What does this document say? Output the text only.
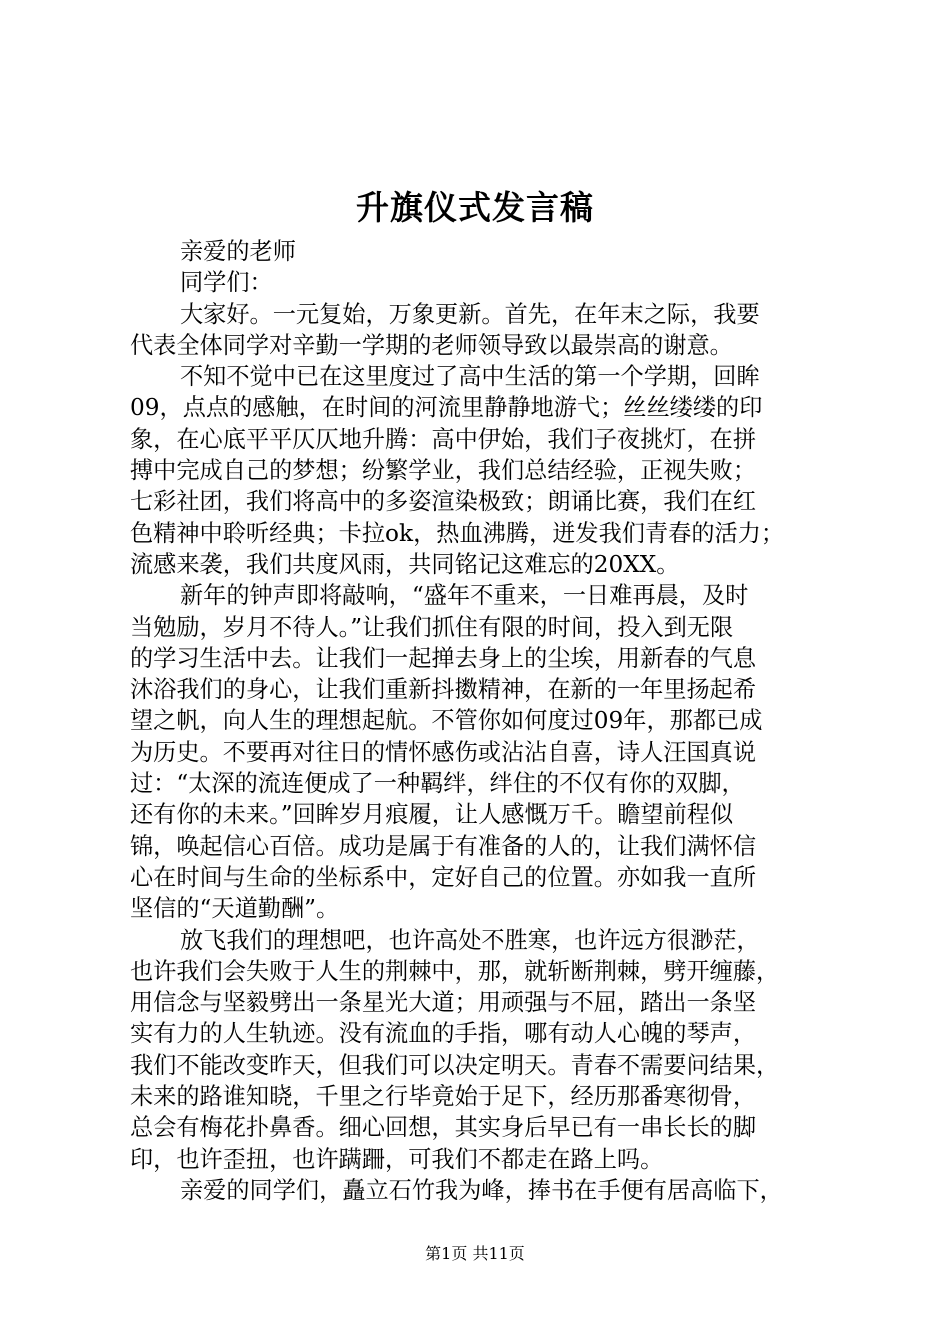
升旗仪式发言稿
亲爱的老师
同学们：
大家好。一元复始，万象更新。首先，在年末之际，我要
代表全体同学对辛勤一学期的老师领导致以最崇高的谢意。
不知不觉中已在这里度过了高中生活的第一个学期，回眸
09，点点的感触，在时间的河流里静静地游弋；丝丝缕缕的印
象，在心底平平仄仄地升腾：高中伊始，我们子夜挑灯，在拼
搏中完成自己的梦想；纷繁学业，我们总结经验，正视失败；
七彩社团，我们将高中的多姿渲染极致；朗诵比赛，我们在红
色精神中聆听经典；卡拉ok，热血沸腾，迸发我们青春的活力；
流感来袭，我们共度风雨，共同铭记这难忘的20XX。
新年的钟声即将敲响，“盛年不重来，一日难再晨，及时
当勉励，岁月不待人。”让我们抓住有限的时间，投入到无限
的学习生活中去。让我们一起掸去身上的尘埃，用新春的气息
沐浴我们的身心，让我们重新抖擞精神，在新的一年里扬起希
望之帆，向人生的理想起航。不管你如何度过09年，那都已成
为历史。不要再对往日的情怀感伤或沾沾自喜，诗人汪国真说
过：“太深的流连便成了一种羁绊，绊住的不仅有你的双脚，
还有你的未来。”回眸岁月痕履，让人感慨万千。瞻望前程似
锦，唤起信心百倍。成功是属于有准备的人的，让我们满怀信
心在时间与生命的坐标系中，定好自己的位置。亦如我一直所
坚信的“天道勤酬”。
放飞我们的理想吧，也许高处不胜寒，也许远方很渺茫，
也许我们会失败于人生的荆棘中，那，就斩断荆棘，劈开缠藤，
用信念与坚毅劈出一条星光大道；用顽强与不屈，踏出一条坚
实有力的人生轨迹。没有流血的手指，哪有动人心魄的琴声，
我们不能改变昨天，但我们可以决定明天。青春不需要问结果，
未来的路谁知晓，千里之行毕竟始于足下，经历那番寒彻骨，
总会有梅花扑鼻香。细心回想，其实身后早已有一串长长的脚
印，也许歪扭，也许蹒跚，可我们不都走在路上吗。
亲爱的同学们，矗立石竹我为峰，捧书在手便有居高临下，
第1页 共11页
